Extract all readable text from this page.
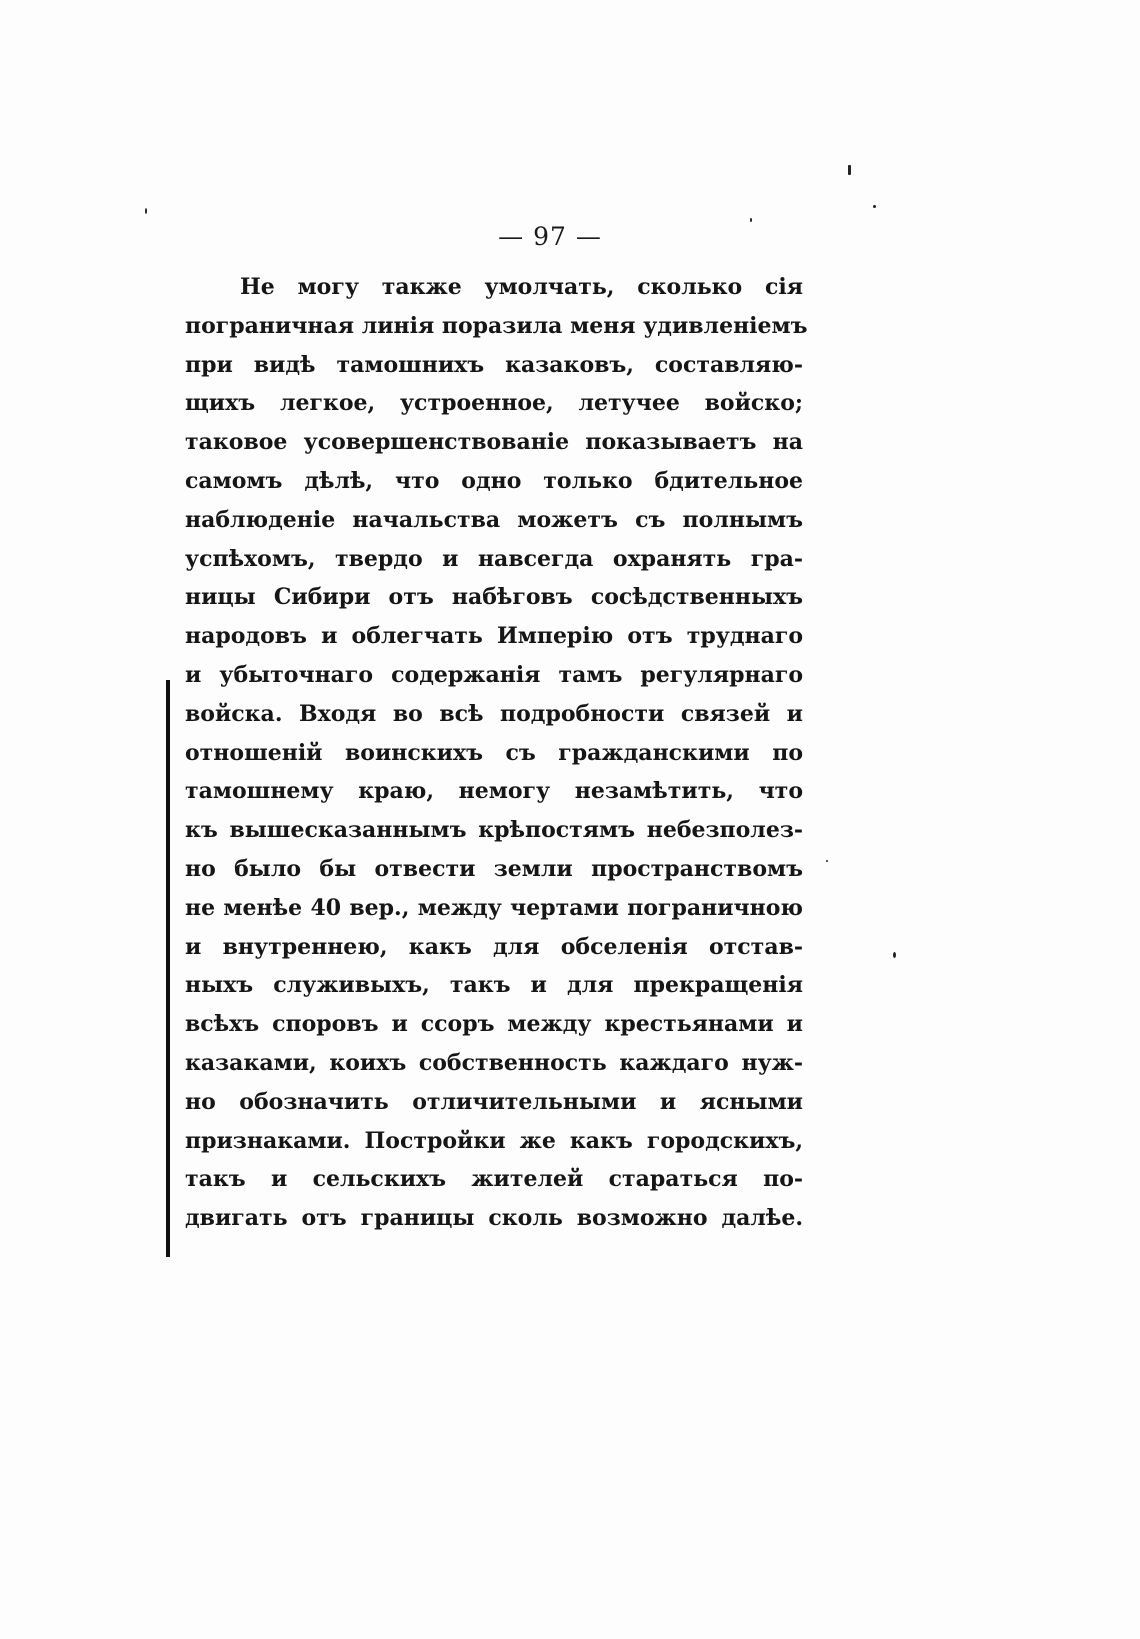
— 97 —
Не могу также умолчать, сколько сія
пограничная линія поразила меня удивленіемъ
при видѣ тамошнихъ казаковъ, составляю-
щихъ легкое, устроенное, летучее войско;
таковое усовершенствованіе показываетъ на
самомъ дѣлѣ, что одно только бдительное
наблюденіе начальства можетъ съ полнымъ
успѣхомъ, твердо и навсегда охранять гра-
ницы Сибири отъ набѣговъ сосѣдственныхъ
народовъ и облегчать Имперію отъ труднаго
и убыточнаго содержанія тамъ регулярнаго
войска. Входя во всѣ подробности связей и
отношеній воинскихъ съ гражданскими по
тамошнему краю, немогу незамѣтить, что
къ вышесказаннымъ крѣпостямъ небезполез-
но было бы отвести земли пространствомъ
не менѣе 40 вер., между чертами пограничною
и внутреннею, какъ для обселенія отстав-
ныхъ служивыхъ, такъ и для прекращенія
всѣхъ споровъ и ссоръ между крестьянами и
казаками, коихъ собственность каждаго нуж-
но обозначить отличительными и ясными
признаками. Постройки же какъ городскихъ,
такъ и сельскихъ жителей стараться по-
двигать отъ границы сколь возможно далѣе.
